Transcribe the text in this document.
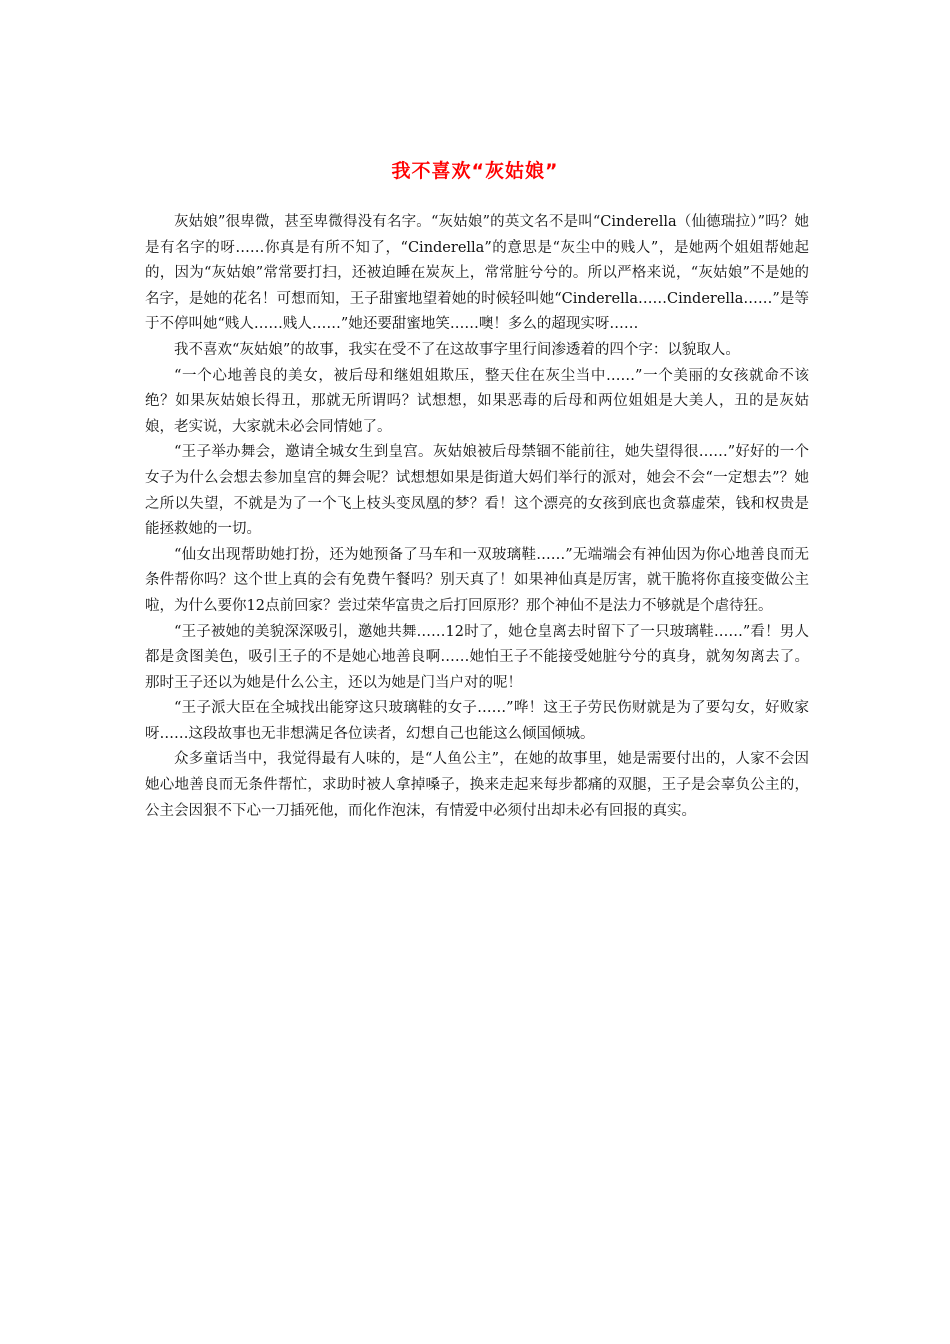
我不喜欢“灰姑娘”

灰姑娘”很卑微，甚至卑微得没有名字。“灰姑娘”的英文名不是叫“Cinderella（仙德瑞拉）”吗？她是有名字的呀……你真是有所不知了，“Cinderella”的意思是“灰尘中的贱人”，是她两个姐姐帮她起的，因为“灰姑娘”常常要打扫，还被迫睡在炭灰上，常常脏兮兮的。所以严格来说，“灰姑娘”不是她的名字，是她的花名！可想而知，王子甜蜜地望着她的时候轻叫她“Cinderella……Cinderella……”是等于不停叫她“贱人……贱人……”她还要甜蜜地笑……噢！多么的超现实呀……

我不喜欢“灰姑娘”的故事，我实在受不了在这故事字里行间渗透着的四个字：以貌取人。

“一个心地善良的美女，被后母和继姐姐欺压，整天住在灰尘当中……”一个美丽的女孩就命不该绝？如果灰姑娘长得丑，那就无所谓吗？试想想，如果恶毒的后母和两位姐姐是大美人，丑的是灰姑娘，老实说，大家就未必会同情她了。

“王子举办舞会，邀请全城女生到皇宫。灰姑娘被后母禁锢不能前往，她失望得很……”好好的一个女子为什么会想去参加皇宫的舞会呢？试想想如果是街道大妈们举行的派对，她会不会“一定想去”？她之所以失望，不就是为了一个飞上枝头变凤凰的梦？看！这个漂亮的女孩到底也贪慕虚荣，钱和权贵是能拯救她的一切。

“仙女出现帮助她打扮，还为她预备了马车和一双玻璃鞋……”无端端会有神仙因为你心地善良而无条件帮你吗？这个世上真的会有免费午餐吗？别天真了！如果神仙真是厉害，就干脆将你直接变做公主啦，为什么要你12点前回家？尝过荣华富贵之后打回原形？那个神仙不是法力不够就是个虐待狂。

“王子被她的美貌深深吸引，邀她共舞……12时了，她仓皇离去时留下了一只玻璃鞋……”看！男人都是贪图美色，吸引王子的不是她心地善良啊……她怕王子不能接受她脏兮兮的真身，就匆匆离去了。那时王子还以为她是什么公主，还以为她是门当户对的呢！

“王子派大臣在全城找出能穿这只玻璃鞋的女子……”哗！这王子劳民伤财就是为了要勾女，好败家呀……这段故事也无非想满足各位读者，幻想自己也能这么倾国倾城。

众多童话当中，我觉得最有人味的，是“人鱼公主”，在她的故事里，她是需要付出的，人家不会因她心地善良而无条件帮忙，求助时被人拿掉嗓子，换来走起来每步都痛的双腿，王子是会辜负公主的，公主会因狠不下心一刀插死他，而化作泡沫，有情爱中必须付出却未必有回报的真实。
